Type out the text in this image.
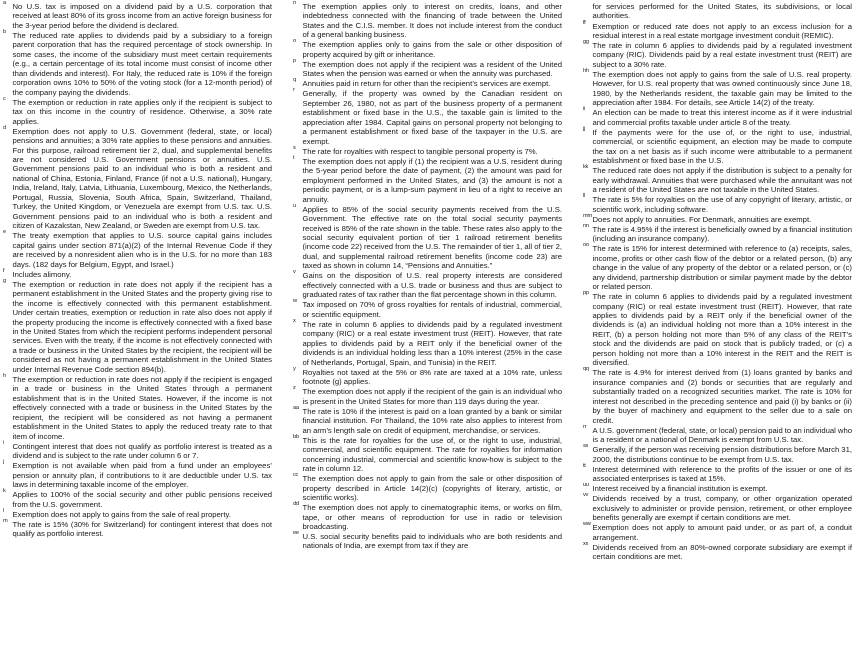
a No U.S. tax is imposed on a dividend paid by a U.S. corporation that received at least 80% of its gross income from an active foreign business for the 3-year period before the dividend is declared.
b The reduced rate applies to dividends paid by a subsidiary to a foreign parent corporation that has the required percentage of stock ownership. In some cases, the income of the subsidiary must meet certain requirements (e.g., a certain percentage of its total income must consist of income other than dividends and interest). For Italy, the reduced rate is 10% if the foreign corporation owns 10% to 50% of the voting stock (for a 12-month period) of the company paying the dividends.
c The exemption or reduction in rate applies only if the recipient is subject to tax on this income in the country of residence. Otherwise, a 30% rate applies.
d Exemption does not apply to U.S. Government (federal, state, or local) pensions and annuities; a 30% rate applies to these pensions and annuities. For this purpose, railroad retirement tier 2, dual, and supplemental benefits are not considered U.S. Government pensions or annuities. U.S. Government pensions paid to an individual who is both a resident and national of China, Estonia, Finland, France (if not a U.S. national), Hungary, India, Ireland, Italy, Latvia, Lithuania, Luxembourg, Mexico, the Netherlands, Portugal, Russia, Slovenia, South Africa, Spain, Switzerland, Thailand, Turkey, the United Kingdom, or Venezuela are exempt from U.S. tax. U.S. Government pensions paid to an individual who is both a resident and citizen of Kazakstan, New Zealand, or Sweden are exempt from U.S. tax.
e The treaty exemption that applies to U.S. source capital gains includes capital gains under section 871(a)(2) of the Internal Revenue Code if they are received by a nonresident alien who is in the U.S. for no more than 183 days. (182 days for Belgium, Egypt, and Israel.)
f Includes alimony.
g The exemption or reduction in rate does not apply if the recipient has a permanent establishment in the United States and the property giving rise to the income is effectively connected with this permanent establishment. Under certain treaties, exemption or reduction in rate also does not apply if the property producing the income is effectively connected with a fixed base in the United States from which the recipient performs independent personal services. Even with the treaty, if the income is not effectively connected with a trade or business in the United States by the recipient, the recipient will be considered as not having a permanent establishment in the United States under Internal Revenue Code section 894(b).
h The exemption or reduction in rate does not apply if the recipient is engaged in a trade or business in the United States through a permanent establishment that is in the United States. However, if the income is not effectively connected with a trade or business in the United States by the recipient, the recipient will be considered as not having a permanent establishment in the United States to apply the reduced treaty rate to that item of income.
i Contingent interest that does not qualify as portfolio interest is treated as a dividend and is subject to the rate under column 6 or 7.
j Exemption is not available when paid from a fund under an employees’ pension or annuity plan, if contributions to it are deductible under U.S. tax laws in determining taxable income of the employer.
k Applies to 100% of the social security and other public pensions received from the U.S. government.
l Exemption does not apply to gains from the sale of real property.
m The rate is 15% (30% for Switzerland) for contingent interest that does not qualify as portfolio interest.
n The exemption applies only to interest on credits, loans, and other indebtedness connected with the financing of trade between the United States and the C.I.S. member. It does not include interest from the conduct of a general banking business.
o The exemption applies only to gains from the sale or other disposition of property acquired by gift or inheritance.
p The exemption does not apply if the recipient was a resident of the United States when the pension was earned or when the annuity was purchased.
q Annuities paid in return for other than the recipient’s services are exempt.
r Generally, if the property was owned by the Canadian resident on September 26, 1980, not as part of the business property of a permanent establishment or fixed base in the U.S., the taxable gain is limited to the appreciation after 1984. Capital gains on personal property not belonging to a permanent establishment or fixed base of the taxpayer in the U.S. are exempt.
s The rate for royalties with respect to tangible personal property is 7%.
t The exemption does not apply if (1) the recipient was a U.S. resident during the 5-year period before the date of payment, (2) the amount was paid for employment performed in the United States, and (3) the amount is not a periodic payment, or is a lump-sum payment in lieu of a right to receive an annuity.
u Applies to 85% of the social security payments received from the U.S. Government. The effective rate on the total social security payments received is 85% of the rate shown in the table. These rates also apply to the social security equivalent portion of tier 1 railroad retirement benefits (income code 22) received from the U.S. The remainder of tier 1, all of tier 2, dual, and supplemental railroad retirement benefits (income code 23) are taxed as shown in column 14, “Pensions and Annuities.”
v Gains on the disposition of U.S. real property interests are considered effectively connected with a U.S. trade or business and thus are subject to graduated rates of tax rather than the flat percentage shown in this column.
w Tax imposed on 70% of gross royalties for rentals of industrial, commercial, or scientific equipment.
x The rate in column 6 applies to dividends paid by a regulated investment company (RIC) or a real estate investment trust (REIT). However, that rate applies to dividends paid by a REIT only if the beneficial owner of the dividends is an individual holding less than a 10% interest (25% in the case of Netherlands, Portugal, Spain, and Tunisia) in the REIT.
y Royalties not taxed at the 5% or 8% rate are taxed at a 10% rate, unless footnote (g) applies.
z The exemption does not apply if the recipient of the gain is an individual who is present in the United States for more than 119 days during the year.
aa The rate is 10% if the interest is paid on a loan granted by a bank or similar financial institution. For Thailand, the 10% rate also applies to interest from an arm’s length sale on credit of equipment, merchandise, or services.
bb This is the rate for royalties for the use of, or the right to use, industrial, commercial, and scientific equipment. The rate for royalties for information concerning industrial, commercial and scientific know-how is subject to the rate in column 12.
cc The exemption does not apply to gain from the sale or other disposition of property described in Article 14(2)(c) (copyrights of literary, artistic, or scientific works).
dd The exemption does not apply to cinematographic items, or works on film, tape, or other means of reproduction for use in radio or television broadcasting.
ee U.S. social security benefits paid to individuals who are both residents and nationals of India, are exempt from tax if they are
for services performed for the United States, its subdivisions, or local authorities.
ff Exemption or reduced rate does not apply to an excess inclusion for a residual interest in a real estate mortgage investment conduit (REMIC).
gg The rate in column 6 applies to dividends paid by a regulated investment company (RIC). Dividends paid by a real estate investment trust (REIT) are subject to a 30% rate.
hh The exemption does not apply to gains from the sale of U.S. real property. However, for U.S. real property that was owned continuously since June 18, 1980, by the Netherlands resident, the taxable gain may be limited to the appreciation after 1984. For details, see Article 14(2) of the treaty.
ii An election can be made to treat this interest income as if it were industrial and commercial profits taxable under article 8 of the treaty.
jj If the payments were for the use of, or the right to use, industrial, commercial, or scientific equipment, an election may be made to compute the tax on a net basis as if such income were attributable to a permanent establishment or fixed base in the U.S.
kk The reduced rate does not apply if the distribution is subject to a penalty for early withdrawal. Annuities that were purchased while the annuitant was not a resident of the United States are not taxable in the United States.
ll The rate is 5% for royalties on the use of any copyright of literary, artistic, or scientific work, including software.
mm Does not apply to annuities. For Denmark, annuities are exempt.
nn The rate is 4.95% if the interest is beneficially owned by a financial institution (including an insurance company).
oo The rate is 15% for interest determined with reference to (a) receipts, sales, income, profits or other cash flow of the debtor or a related person, (b) any change in the value of any property of the debtor or a related person, or (c) any dividend, partnership distribution or similar payment made by the debtor or related person.
pp The rate in column 6 applies to dividends paid by a regulated investment company (RIC) or real estate investment trust (REIT). However, that rate applies to dividends paid by a REIT only if the beneficial owner of the dividends is (a) an individual holding not more than a 10% interest in the REIT, (b) a person holding not more than 5% of any class of the REIT’s stock and the dividends are paid on stock that is publicly traded, or (c) a person holding not more than a 10% interest in the REIT and the REIT is diversified.
qq The rate is 4.9% for interest derived from (1) loans granted by banks and insurance companies and (2) bonds or securities that are regularly and substantially traded on a recognized securities market. The rate is 10% for interest not described in the preceding sentence and paid (i) by banks or (ii) by the buyer of machinery and equipment to the seller due to a sale on credit.
rr A U.S. government (federal, state, or local) pension paid to an individual who is a resident or a national of Denmark is exempt from U.S. tax.
ss Generally, if the person was receiving pension distributions before March 31, 2000, the distributions continue to be exempt from U.S. tax.
tt Interest determined with reference to the profits of the issuer or one of its associated enterprises is taxed at 15%.
uu Interest received by a financial institution is exempt.
vv Dividends received by a trust, company, or other organization operated exclusively to administer or provide pension, retirement, or other employee benefits generally are exempt if certain conditions are met.
ww Exemption does not apply to amount paid under, or as part of, a conduit arrangement.
xx Dividends received from an 80%-owned corporate subsidiary are exempt if certain conditions are met.
